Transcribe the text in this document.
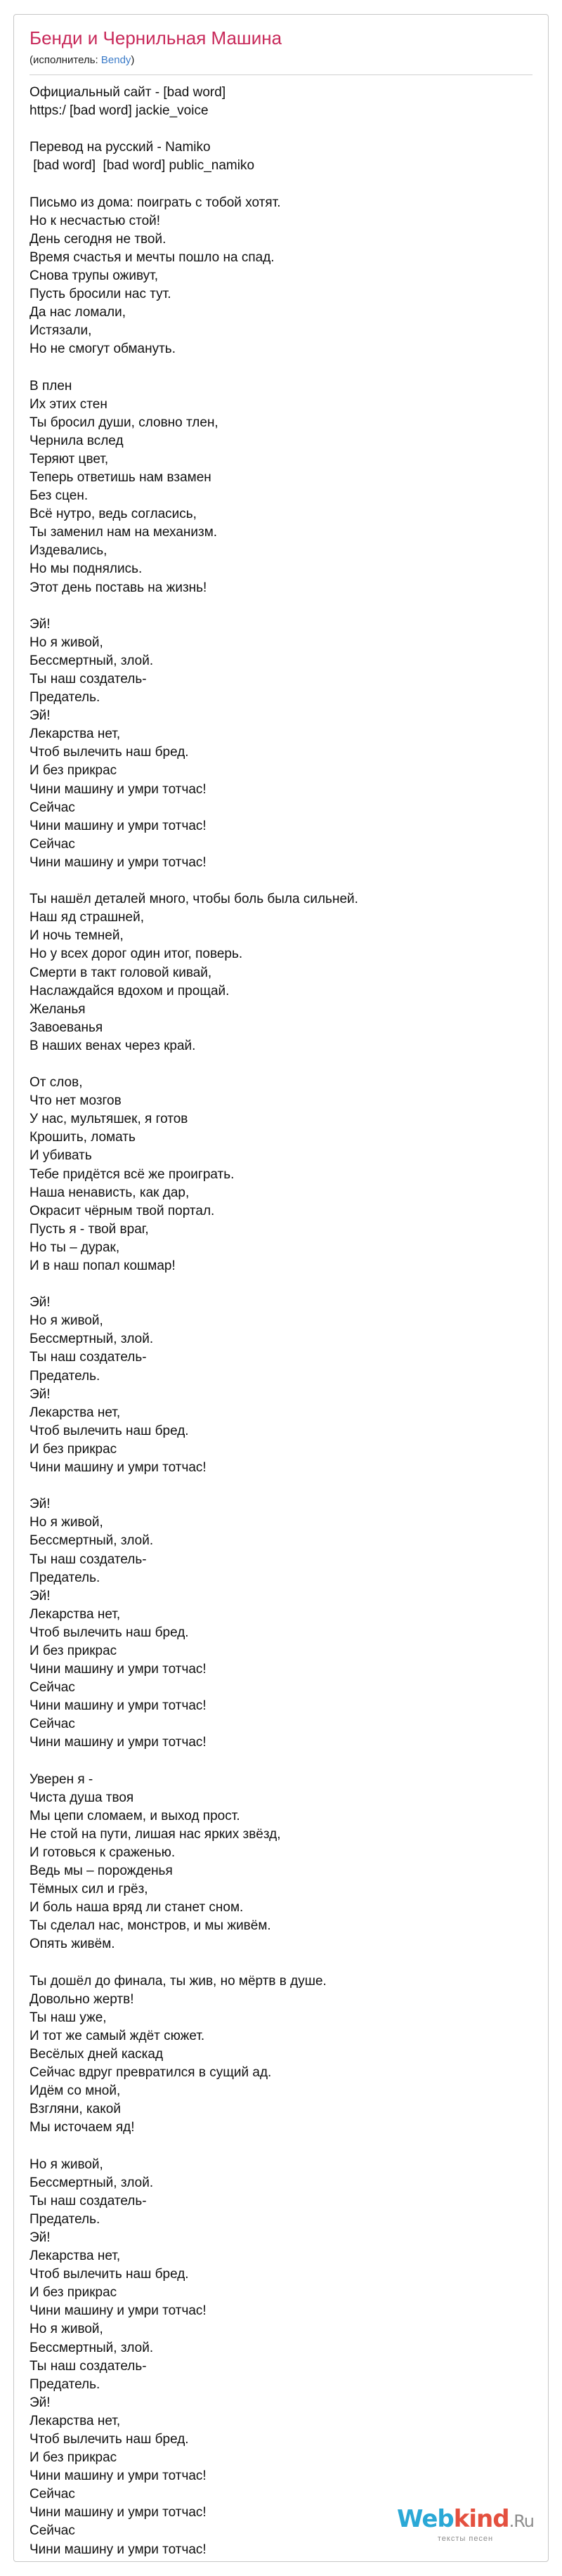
Бенди и Чернильная Машина
(исполнитель: Bendy)
Официальный сайт - [bad word]
https:/ [bad word] jackie_voice

Перевод на русский - Namiko
[bad word]  [bad word] public_namiko

Письмо из дома: поиграть с тобой хотят.
Но к несчастью стой!
День сегодня не твой.
Время счастья и мечты пошло на спад.
Снова трупы оживут,
Пусть бросили нас тут.
Да нас ломали,
Истязали,
Но не смогут обмануть.

В плен
Их этих стен
Ты бросил души, словно тлен,
Чернила вслед
Теряют цвет,
Теперь ответишь нам взамен
Без сцен.
Всё нутро, ведь согласись,
Ты заменил нам на механизм.
Издевались,
Но мы поднялись.
Этот день поставь на жизнь!

Эй!
Но я живой,
Бессмертный, злой.
Ты наш создатель-
Предатель.
Эй!
Лекарства нет,
Чтоб вылечить наш бред.
И без прикрас
Чини машину и умри тотчас!
Сейчас
Чини машину и умри тотчас!
Сейчас
Чини машину и умри тотчас!

Ты нашёл деталей много, чтобы боль была сильней.
Наш яд страшней,
И ночь темней,
Но у всех дорог один итог, поверь.
Смерти в такт головой кивай,
Наслаждайся вдохом и прощай.
Желанья
Завоеванья
В наших венах через край.

От слов,
Что нет мозгов
У нас, мультяшек, я готов
Крошить, ломать
И убивать
Тебе придётся всё же проиграть.
Наша ненависть, как дар,
Окрасит чёрным твой портал.
Пусть я - твой враг,
Но ты – дурак,
И в наш попал кошмар!

Эй!
Но я живой,
Бессмертный, злой.
Ты наш создатель-
Предатель.
Эй!
Лекарства нет,
Чтоб вылечить наш бред.
И без прикрас
Чини машину и умри тотчас!

Эй!
Но я живой,
Бессмертный, злой.
Ты наш создатель-
Предатель.
Эй!
Лекарства нет,
Чтоб вылечить наш бред.
И без прикрас
Чини машину и умри тотчас!
Сейчас
Чини машину и умри тотчас!
Сейчас
Чини машину и умри тотчас!

Уверен я -
Чиста душа твоя
Мы цепи сломаем, и выход прост.
Не стой на пути, лишая нас ярких звёзд,
И готовься к сраженью.
Ведь мы – порожденья
Тёмных сил и грёз,
И боль наша вряд ли станет сном.
Ты сделал нас, монстров, и мы живём.
Опять живём.

Ты дошёл до финала, ты жив, но мёртв в душе.
Довольно жертв!
Ты наш уже,
И тот же самый ждёт сюжет.
Весёлых дней каскад
Сейчас вдруг превратился в сущий ад.
Идём со мной,
Взгляни, какой
Мы источаем яд!

Но я живой,
Бессмертный, злой.
Ты наш создатель-
Предатель.
Эй!
Лекарства нет,
Чтоб вылечить наш бред.
И без прикрас
Чини машину и умри тотчас!
Но я живой,
Бессмертный, злой.
Ты наш создатель-
Предатель.
Эй!
Лекарства нет,
Чтоб вылечить наш бред.
И без прикрас
Чини машину и умри тотчас!
Сейчас
Чини машину и умри тотчас!
Сейчас
Чини машину и умри тотчас!
Webkind.Ru
тексты песен
